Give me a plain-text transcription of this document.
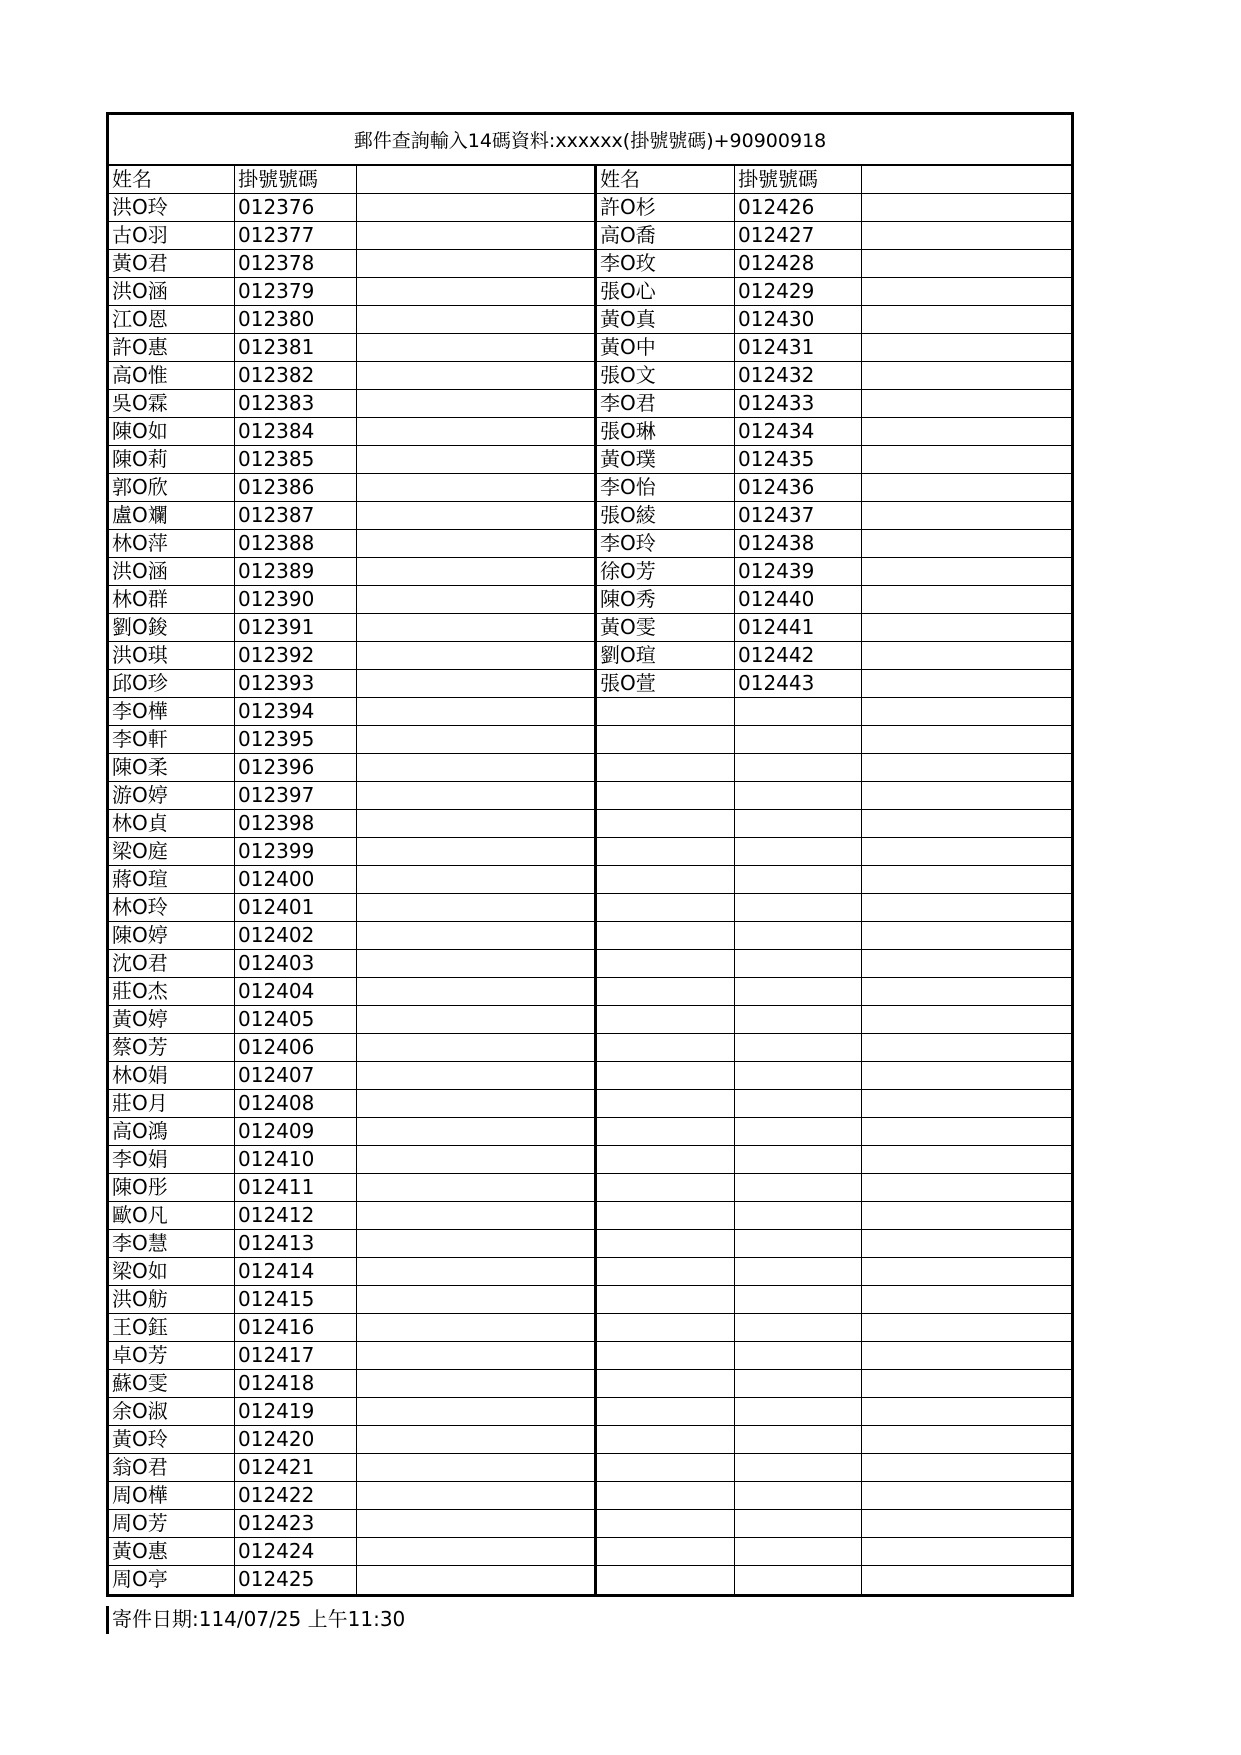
郵件查詢輸入14碼資料:xxxxxx(掛號號碼)+90900918
姓名	掛號號碼
洪O玲	012376
古O羽	012377
黃O君	012378
洪O涵	012379
江O恩	012380
許O惠	012381
高O惟	012382
吳O霖	012383
陳O如	012384
陳O莉	012385
郭O欣	012386
盧O斕	012387
林O萍	012388
洪O涵	012389
林O群	012390
劉O鋑	012391
洪O琪	012392
邱O珍	012393
李O樺	012394
李O軒	012395
陳O柔	012396
游O婷	012397
林O貞	012398
梁O庭	012399
蔣O瑄	012400
林O玲	012401
陳O婷	012402
沈O君	012403
莊O杰	012404
黃O婷	012405
蔡O芳	012406
林O娟	012407
莊O月	012408
高O鴻	012409
李O娟	012410
陳O彤	012411
歐O凡	012412
李O慧	012413
梁O如	012414
洪O舫	012415
王O鈺	012416
卓O芳	012417
蘇O雯	012418
余O淑	012419
黃O玲	012420
翁O君	012421
周O樺	012422
周O芳	012423
黃O惠	012424
周O亭	012425
姓名	掛號號碼
許O杉	012426
高O喬	012427
李O玫	012428
張O心	012429
黃O真	012430
黃O中	012431
張O文	012432
李O君	012433
張O琳	012434
黃O璞	012435
李O怡	012436
張O綾	012437
李O玲	012438
徐O芳	012439
陳O秀	012440
黃O雯	012441
劉O瑄	012442
張O萱	012443
寄件日期:114/07/25 上午11:30
